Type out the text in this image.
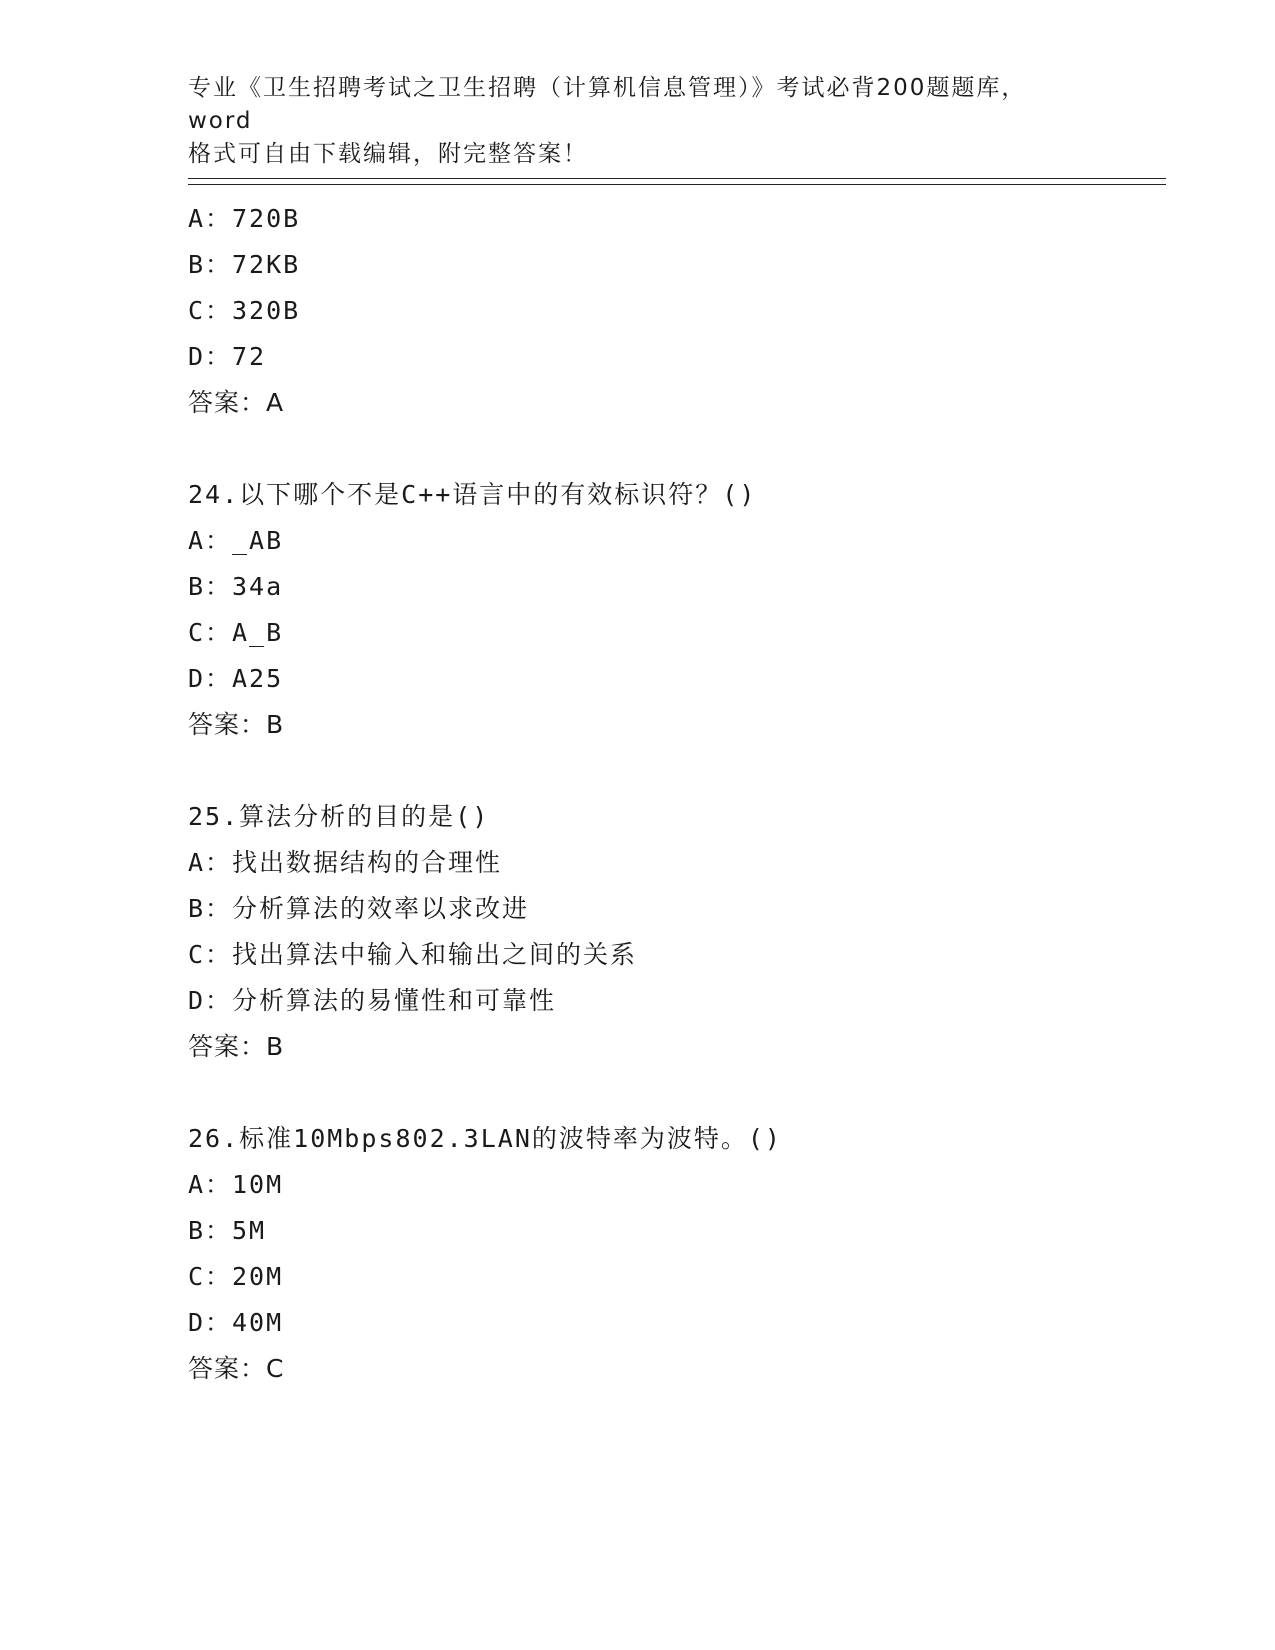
专业《卫生招聘考试之卫生招聘（计算机信息管理）》考试必背200题题库，word
格式可自由下载编辑，附完整答案！
A：720B
B：72KB
C：320B
D：72
答案：A
24.以下哪个不是C++语言中的有效标识符？()
A：_AB
B：34a
C：A_B
D：A25
答案：B
25.算法分析的目的是()
A：找出数据结构的合理性
B：分析算法的效率以求改进
C：找出算法中输入和输出之间的关系
D：分析算法的易懂性和可靠性
答案：B
26.标准10Mbps802.3LAN的波特率为波特。()
A：10M
B：5M
C：20M
D：40M
答案：C
